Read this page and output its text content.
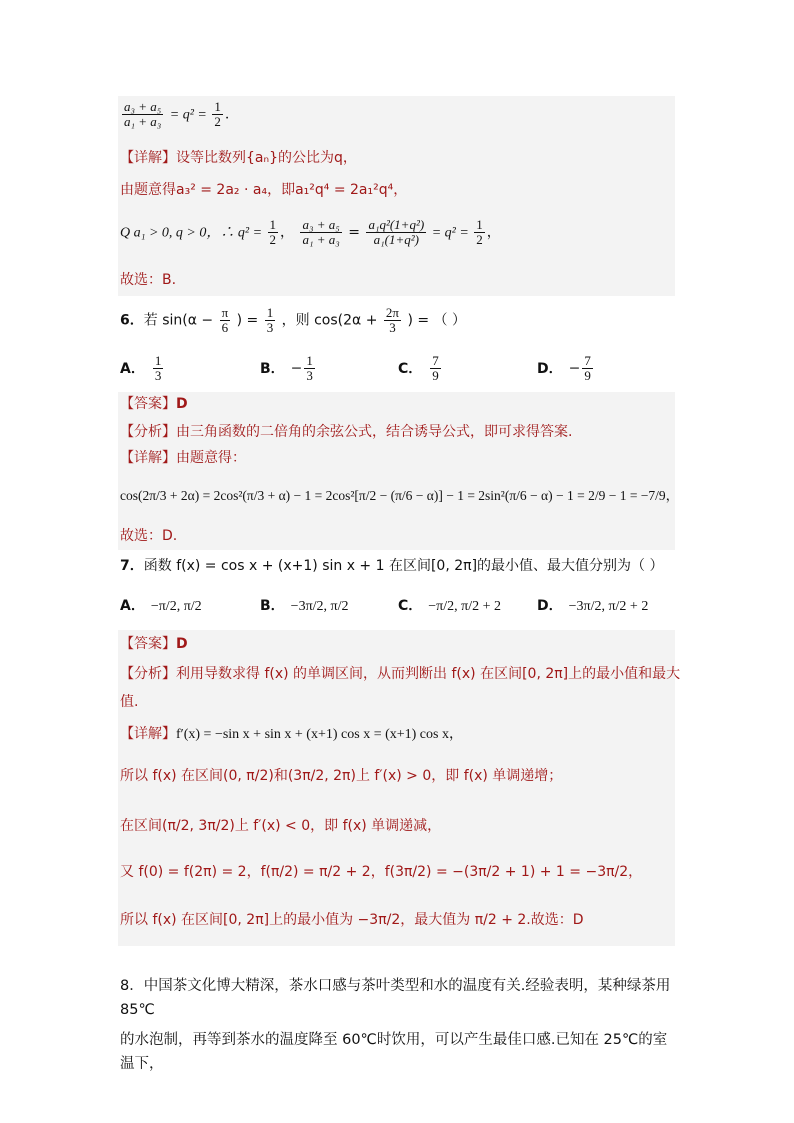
$\frac{\text{a₃ + a₅}}{\text{a₁ + a₃}} = q^2 = \frac{1}{2}$ .
【详解】设等比数列{aₙ}的公比为q，
由题意得a₃² = 2a₂ · a₄，即a₁²q⁴ = 2a₁²q⁴，
Q a₁ > 0, q > 0，∴ $q^2 = \frac{1}{2}$ ， $\frac{\text{a₃ + a₅}}{\text{a₁ + a₃}} = \frac{\text{a₁q²(1+q²)}}{\text{a₁(1+q²)}} = q^2 = \frac{1}{2}$ ，
故选：B.
6．若 $\sin(\alpha - \frac{\pi}{6}$ ) = $\frac{1}{3}$ ，则 $\cos(2\alpha + \frac{2\pi}{3}$ ) = （ ）
A． $\frac{1}{3}$	B． − $\frac{1}{3}$	C． $\frac{7}{9}$	D． − $\frac{7}{9}$
【答案】D
【分析】由三角函数的二倍角的余弦公式，结合诱导公式，即可求得答案.
【详解】由题意得：
cos(2π/3 + 2α) = 2cos²(π/3 + α) − 1 = 2cos²[π/2 − (π/6 − α)] − 1 = 2sin²(π/6 − α) − 1 = 2/9 − 1 = −7/9，
故选：D.
7．函数 f(x) = cos x + (x+1) sin x + 1 在区间[0, 2π]的最小值、最大值分别为（ ）
A． −π/2, π/2	B． −3π/2, π/2	C． −π/2, π/2 + 2	D． −3π/2, π/2 + 2
【答案】D
【分析】利用导数求得 f(x) 的单调区间，从而判断出 f(x) 在区间[0, 2π]上的最小值和最大
值.
【详解】f′(x) = −sin x + sin x + (x+1) cos x = (x+1) cos x，
所以 f(x) 在区间(0, π/2)和(3π/2, 2π)上 f′(x) > 0，即 f(x) 单调递增；
在区间(π/2, 3π/2)上 f′(x) < 0，即 f(x) 单调递减，
又 f(0) = f(2π) = 2，f(π/2) = π/2 + 2，f(3π/2) = −(3π/2 + 1) + 1 = −3π/2，
所以 f(x) 在区间[0, 2π]上的最小值为 −3π/2，最大值为 π/2 + 2.故选：D
8．中国茶文化博大精深，茶水口感与茶叶类型和水的温度有关.经验表明，某种绿茶用 85℃
的水泡制，再等到茶水的温度降至 60℃时饮用，可以产生最佳口感.已知在 25℃的室温下，
